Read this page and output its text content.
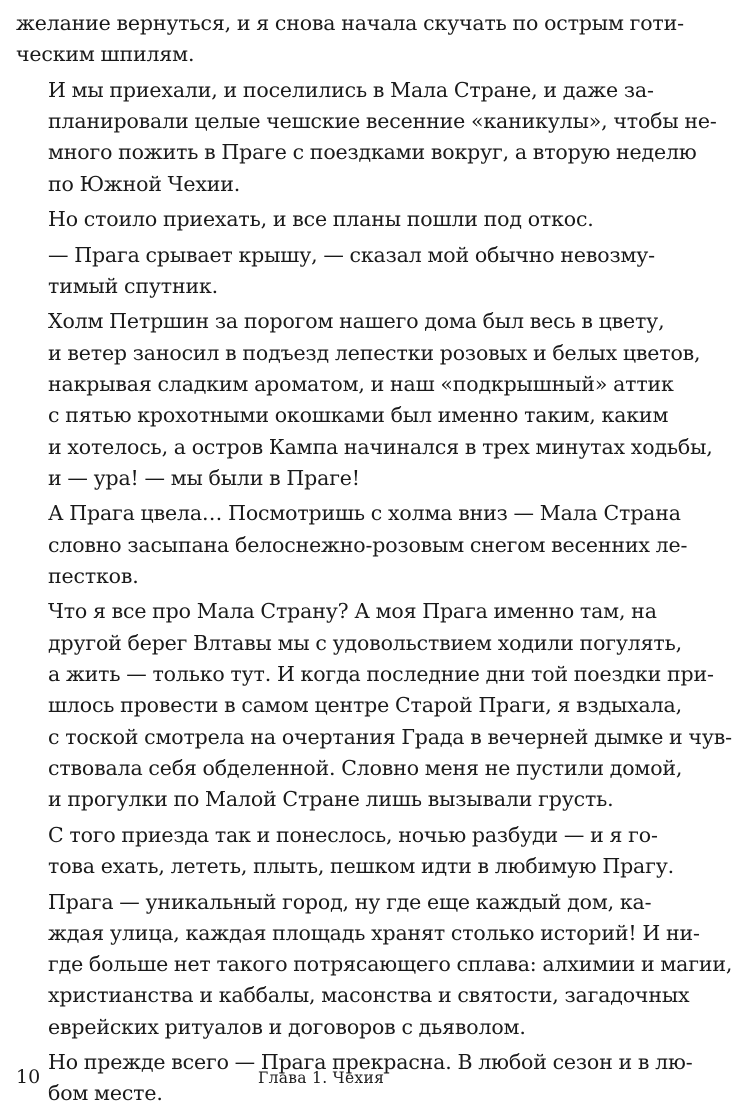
желание вернуться, и я снова начала скучать по острым готи-
ческим шпилям.

И мы приехали, и поселились в Мала Стране, и даже за-
планировали целые чешские весенние «каникулы», чтобы не-
много пожить в Праге с поездками вокруг, а вторую неделю
по Южной Чехии.

Но стоило приехать, и все планы пошли под откос.

— Прага срывает крышу, — сказал мой обычно невозму-
тимый спутник.

Холм Петршин за порогом нашего дома был весь в цвету,
и ветер заносил в подъезд лепестки розовых и белых цветов,
накрывая сладким ароматом, и наш «подкрышный» аттик
с пятью крохотными окошками был именно таким, каким
и хотелось, а остров Кампа начинался в трех минутах ходьбы,
и — ура! — мы были в Праге!

А Прага цвела… Посмотришь с холма вниз — Мала Страна
словно засыпана белоснежно-розовым снегом весенних ле-
пестков.

Что я все про Мала Страну? А моя Прага именно там, на
другой берег Влтавы мы с удовольствием ходили погулять,
а жить — только тут. И когда последние дни той поездки при-
шлось провести в самом центре Старой Праги, я вздыхала,
с тоской смотрела на очертания Града в вечерней дымке и чув-
ствовала себя обделенной. Словно меня не пустили домой,
и прогулки по Малой Стране лишь вызывали грусть.

С того приезда так и понеслось, ночью разбуди — и я го-
това ехать, лететь, плыть, пешком идти в любимую Прагу.

Прага — уникальный город, ну где еще каждый дом, ка-
ждая улица, каждая площадь хранят столько историй! И ни-
где больше нет такого потрясающего сплава: алхимии и магии,
христианства и каббалы, масонства и святости, загадочных
еврейских ритуалов и договоров с дьяволом.

Но прежде всего — Прага прекрасна. В любой сезон и в лю-
бом месте.

10	Глава 1. Чехия
